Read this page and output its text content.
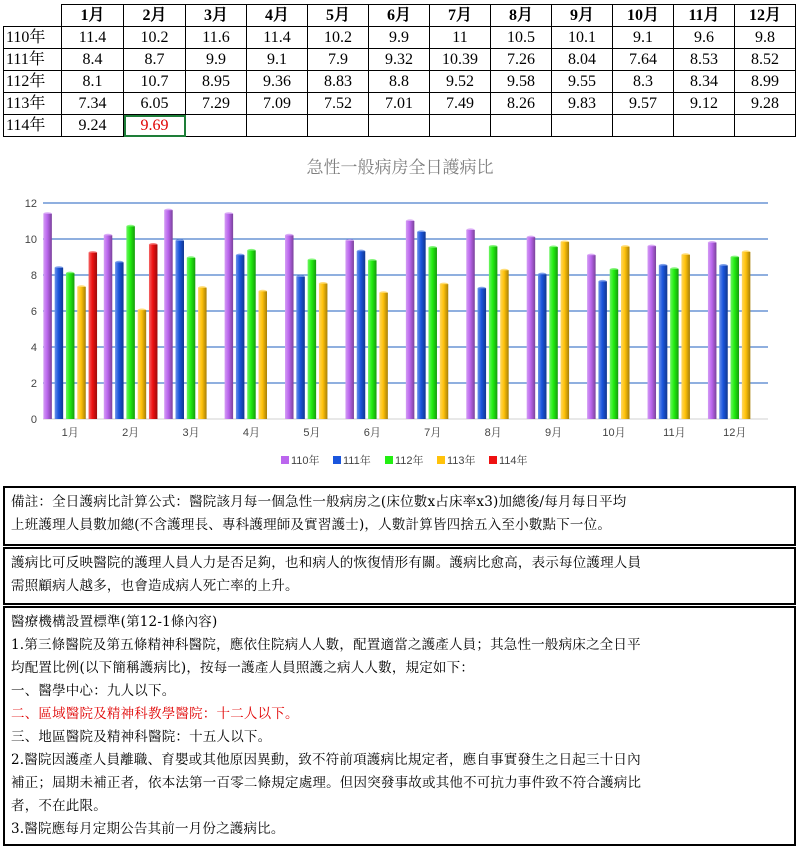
	1月	2月	3月	4月	5月	6月	7月	8月	9月	10月	11月	12月
110年	11.4	10.2	11.6	11.4	10.2	9.9	11	10.5	10.1	9.1	9.6	9.8
111年	8.4	8.7	9.9	9.1	7.9	9.32	10.39	7.26	8.04	7.64	8.53	8.52
112年	8.1	10.7	8.95	9.36	8.83	8.8	9.52	9.58	9.55	8.3	8.34	8.99
113年	7.34	6.05	7.29	7.09	7.52	7.01	7.49	8.26	9.83	9.57	9.12	9.28
114年	9.24	9.69										
急性一般病房全日護病比
0
2
4
6
8
10
12
1月	2月	3月	4月	5月	6月	7月	8月	9月	10月	11月	12月
110年 111年 112年 113年 114年

備註：全日護病比計算公式：醫院該月每一個急性一般病房之(床位數x占床率x3)加總後/每月每日平均

上班護理人員數加總(不含護理長、專科護理師及實習護士)，人數計算皆四捨五入至小數點下一位。

護病比可反映醫院的護理人員人力是否足夠，也和病人的恢復情形有關。護病比愈高，表示每位護理人員

需照顧病人越多，也會造成病人死亡率的上升。

醫療機構設置標準(第12-1條內容)

1.第三條醫院及第五條精神科醫院，應依住院病人人數，配置適當之護產人員；其急性一般病床之全日平

均配置比例(以下簡稱護病比)，按每一護產人員照護之病人人數，規定如下：

一、醫學中心：九人以下。

二、區域醫院及精神科教學醫院：十二人以下。

三、地區醫院及精神科醫院：十五人以下。

2.醫院因護產人員離職、育嬰或其他原因異動，致不符前項護病比規定者，應自事實發生之日起三十日內

補正；屆期未補正者，依本法第一百零二條規定處理。但因突發事故或其他不可抗力事件致不符合護病比

者，不在此限。

3.醫院應每月定期公告其前一月份之護病比。
